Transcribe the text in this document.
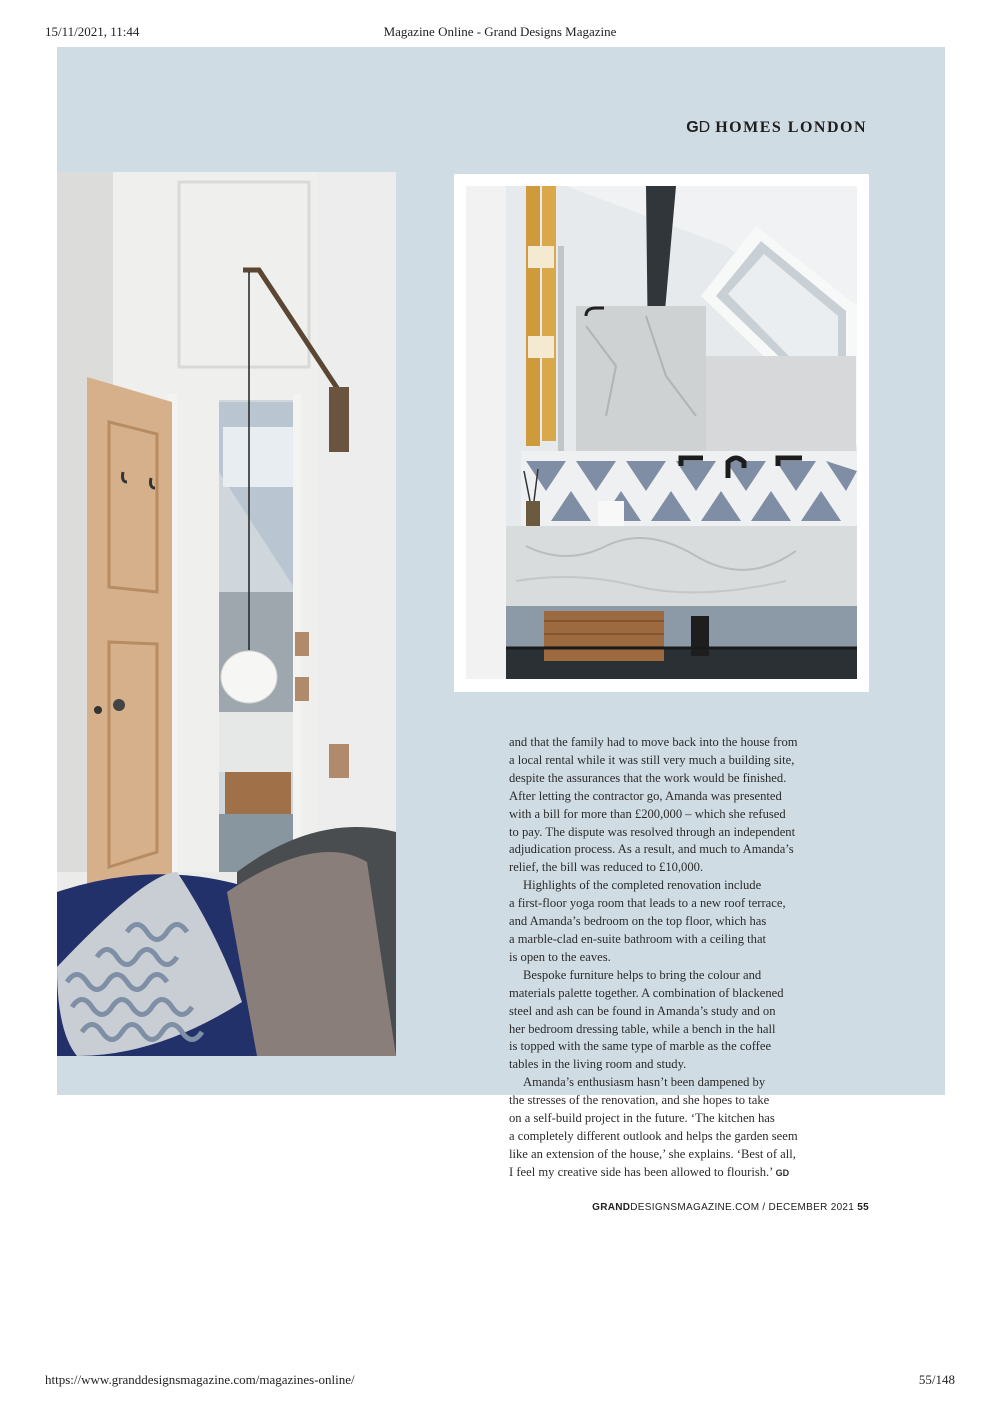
15/11/2021, 11:44	Magazine Online - Grand Designs Magazine
GD HOMES LONDON

and that the family had to move back into the house from
a local rental while it was still very much a building site,
despite the assurances that the work would be finished.
After letting the contractor go, Amanda was presented
with a bill for more than £200,000 – which she refused
to pay. The dispute was resolved through an independent
adjudication process. As a result, and much to Amanda’s
relief, the bill was reduced to £10,000.

Highlights of the completed renovation include
a first-floor yoga room that leads to a new roof terrace,
and Amanda’s bedroom on the top floor, which has
a marble-clad en-suite bathroom with a ceiling that
is open to the eaves.

Bespoke furniture helps to bring the colour and
materials palette together. A combination of blackened
steel and ash can be found in Amanda’s study and on
her bedroom dressing table, while a bench in the hall
is topped with the same type of marble as the coffee
tables in the living room and study.

Amanda’s enthusiasm hasn’t been dampened by
the stresses of the renovation, and she hopes to take
on a self-build project in the future. ‘The kitchen has
a completely different outlook and helps the garden seem
like an extension of the house,’ she explains. ‘Best of all,
I feel my creative side has been allowed to flourish.’ GD

GRANDDESIGNSMAGAZINE.COM / DECEMBER 2021 55
https://www.granddesignsmagazine.com/magazines-online/	55/148
